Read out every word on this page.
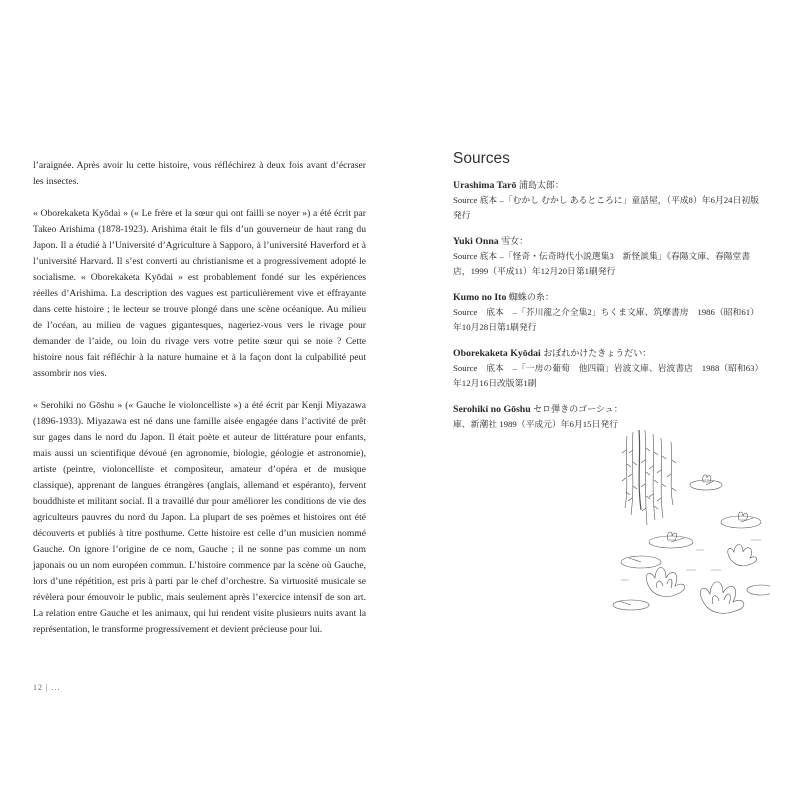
l’araignée. Après avoir lu cette histoire, vous réfléchirez à deux fois avant d’écraser les insectes.

« Oborekaketa Kyōdai » (« Le frère et la sœur qui ont failli se noyer ») a été écrit par Takeo Arishima (1878-1923). Arishima était le fils d’un gouverneur de haut rang du Japon. Il a étudié à l’Université d’Agriculture à Sapporo, à l’université Haverford et à l’université Harvard. Il s’est converti au christianisme et a progressivement adopté le socialisme. « Oborekaketa Kyōdai » est probablement fondé sur les expériences réelles d’Arishima. La description des vagues est particulièrement vive et effrayante dans cette histoire ; le lecteur se trouve plongé dans une scène océanique. Au milieu de l’océan, au milieu de vagues gigantesques, nageriez-vous vers le rivage pour demander de l’aide, ou loin du rivage vers votre petite sœur qui se noie ? Cette histoire nous fait réfléchir à la nature humaine et à la façon dont la culpabilité peut assombrir nos vies.

« Serohiki no Gōshu » (« Gauche le violoncelliste ») a été écrit par Kenji Miyazawa (1896-1933). Miyazawa est né dans une famille aisée engagée dans l’activité de prêt sur gages dans le nord du Japon. Il était poète et auteur de littérature pour enfants, mais aussi un scientifique dévoué (en agronomie, biologie, géologie et astronomie), artiste (peintre, violoncelliste et compositeur, amateur d’opéra et de musique classique), apprenant de langues étrangères (anglais, allemand et espéranto), fervent bouddhiste et militant social. Il a travaillé dur pour améliorer les conditions de vie des agriculteurs pauvres du nord du Japon. La plupart de ses poèmes et histoires ont été découverts et publiés à titre posthume. Cette histoire est celle d’un musicien nommé Gauche. On ignore l’origine de ce nom, Gauche ; il ne sonne pas comme un nom japonais ou un nom européen commun. L’histoire commence par la scène où Gauche, lors d’une répétition, est pris à parti par le chef d’orchestre. Sa virtuosité musicale se révèlera pour émouvoir le public, mais seulement après l’exercice intensif de son art. La relation entre Gauche et les animaux, qui lui rendent visite plusieurs nuits avant la représentation, le transforme progressivement et devient précieuse pour lui.

12 | ...
Sources
Urashima Tarō 浦島太郎：
Source 底本 –「むかし むかし あるところに」童話屋，（平成8）年6月24日初版発行
Yuki Onna 雪女：
Source 底本 –「怪奇・伝奇時代小説選集3　新怪談集」《春陽文庫、春陽堂書店，1999（平成11）年12月20日第1刷発行
Kumo no Ito 蜘蛛の糸：
Source　底本　–「芥川龍之介全集2」ちくま文庫、筑摩書房　1986（昭和61）年10月28日第1刷発行
Oborekaketa Kyōdai おぼれかけたきょうだい：
Source　底本　–「一房の葡萄　他四篇」岩波文庫、岩波書店　1988（昭和63）年12月16日改版第1刷
Serohiki no Gōshu セロ弾きのゴーシュ：
庫、新潮社 1989（平成元）年6月15日発行
